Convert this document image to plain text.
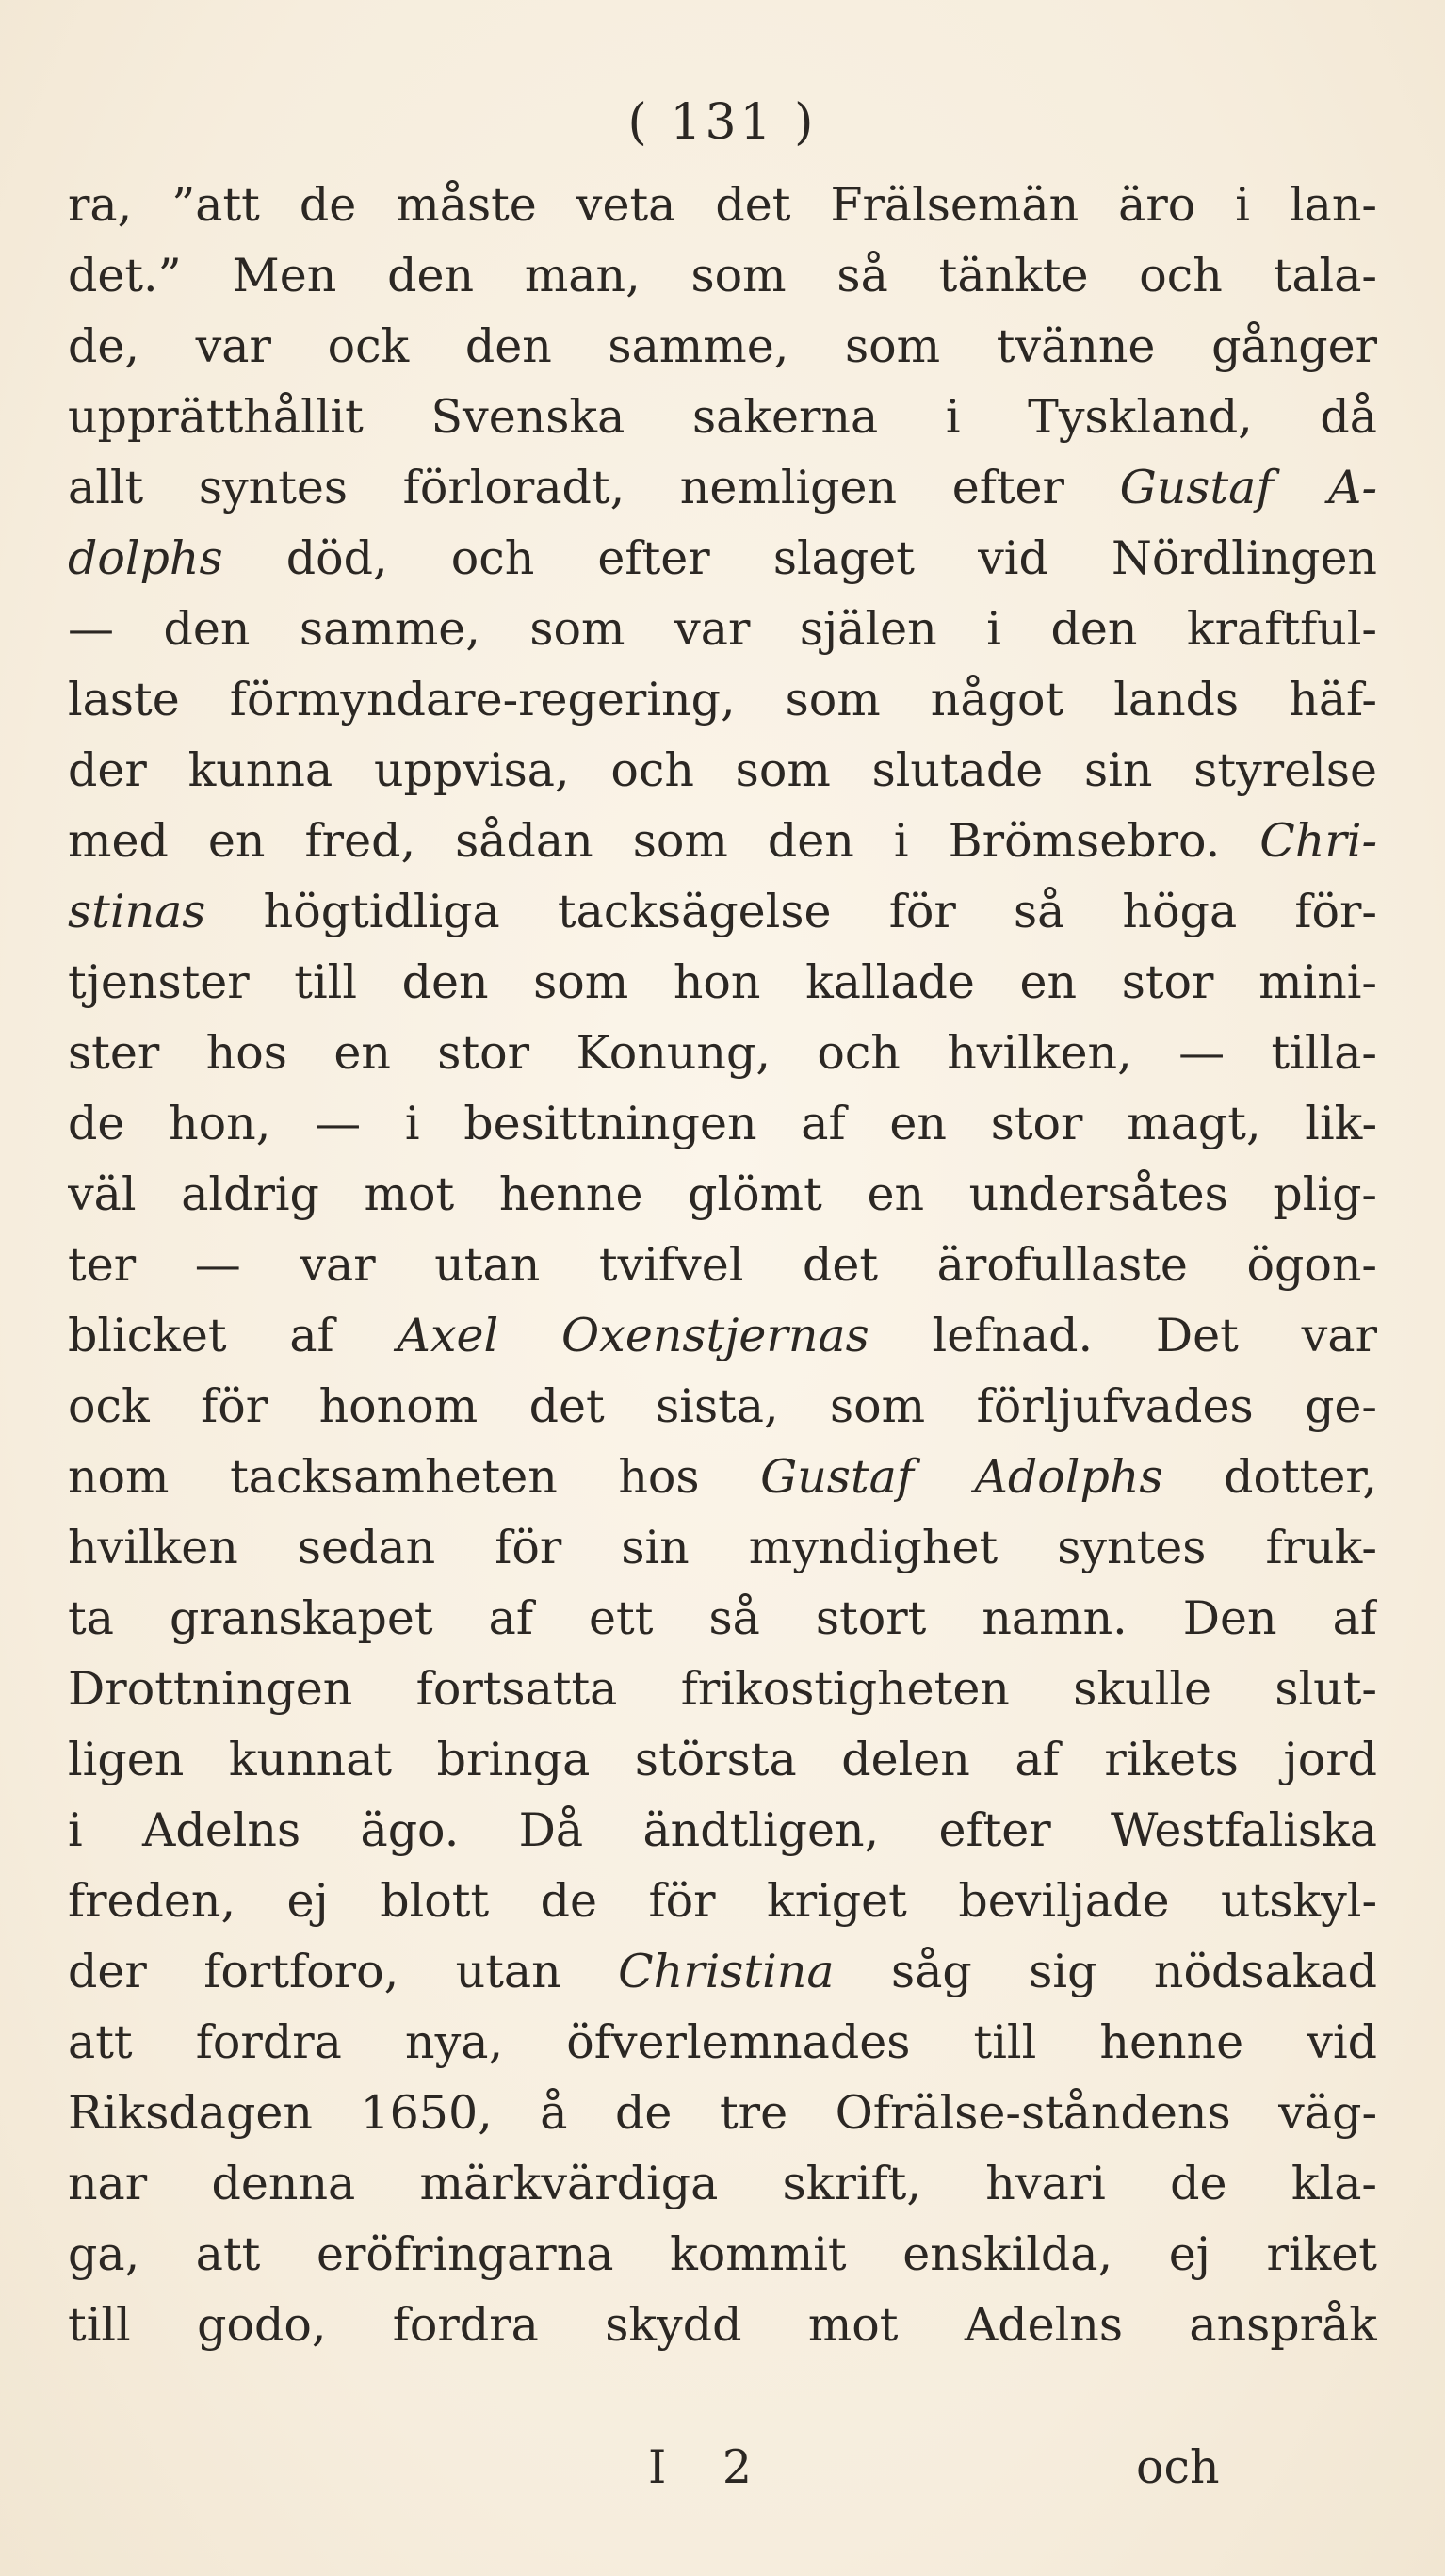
( 131 )
ra, ”att de måste veta det Frälsemän äro i lan-
det.” Men den man, som så tänkte och tala-
de, var ock den samme, som tvänne gånger
upprätthållit Svenska sakerna i Tyskland, då
allt syntes förloradt, nemligen efter Gustaf A-
dolphs död, och efter slaget vid Nördlingen
— den samme, som var själen i den kraftful-
laste förmyndare-regering, som något lands häf-
der kunna uppvisa, och som slutade sin styrelse
med en fred, sådan som den i Brömsebro. Chri-
stinas högtidliga tacksägelse för så höga för-
tjenster till den som hon kallade en stor mini-
ster hos en stor Konung, och hvilken, — tilla-
de hon, — i besittningen af en stor magt, lik-
väl aldrig mot henne glömt en undersåtes plig-
ter — var utan tvifvel det ärofullaste ögon-
blicket af Axel Oxenstjernas lefnad. Det var
ock för honom det sista, som förljufvades ge-
nom tacksamheten hos Gustaf Adolphs dotter,
hvilken sedan för sin myndighet syntes fruk-
ta granskapet af ett så stort namn. Den af
Drottningen fortsatta frikostigheten skulle slut-
ligen kunnat bringa största delen af rikets jord
i Adelns ägo. Då ändtligen, efter Westfaliska
freden, ej blott de för kriget beviljade utskyl-
der fortforo, utan Christina såg sig nödsakad
att fordra nya, öfverlemnades till henne vid
Riksdagen 1650, å de tre Ofrälse-ståndens väg-
nar denna märkvärdiga skrift, hvari de kla-
ga, att eröfringarna kommit enskilda, ej riket
till godo, fordra skydd mot Adelns anspråk
I 2	och
